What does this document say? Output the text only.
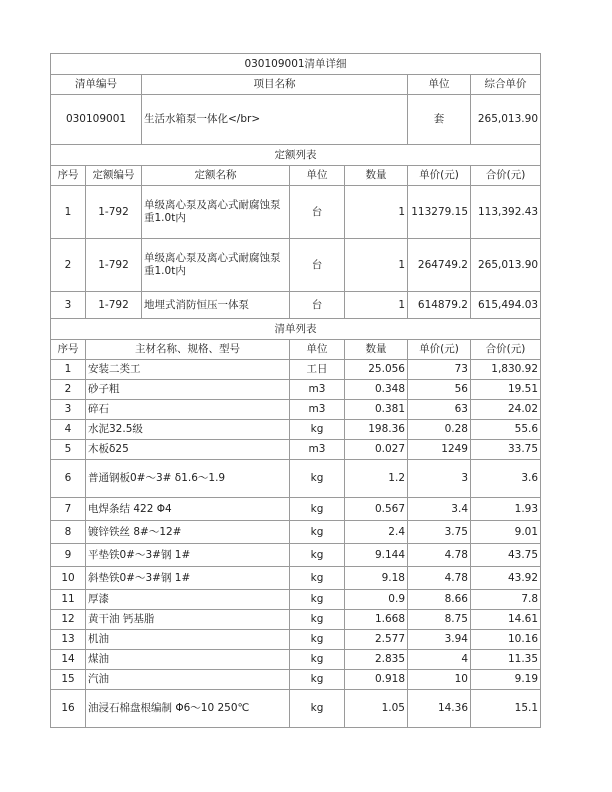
030109001清单详细			
清单编号	项目名称	单位	综合单价
030109001	生活水箱泵一体化</br>	套	265,013.90
定额列表						
序号	定额编号	定额名称	单位	数量	单价(元)	合价(元)
1	1-792	单级离心泵及离心式耐腐蚀泵重1.0t内	台	1	113279.15	113,392.43
2	1-792	单级离心泵及离心式耐腐蚀泵重1.0t内	台	1	264749.2	265,013.90
3	1-792	地埋式消防恒压一体泵	台	1	614879.2	615,494.03
清单列表					
序号	主材名称、规格、型号	单位	数量	单价(元)	合价(元)
1	安装二类工	工日	25.056	73	1,830.92
2	砂子粗	m3	0.348	56	19.51
3	碎石	m3	0.381	63	24.02
4	水泥32.5级	kg	198.36	0.28	55.6
5	木板δ25	m3	0.027	1249	33.75
6	普通钢板0#～3# δ1.6～1.9	kg	1.2	3	3.6
7	电焊条结 422 Φ4	kg	0.567	3.4	1.93
8	镀锌铁丝 8#～12#	kg	2.4	3.75	9.01
9	平垫铁0#～3#钢 1#	kg	9.144	4.78	43.75
10	斜垫铁0#～3#钢 1#	kg	9.18	4.78	43.92
11	厚漆	kg	0.9	8.66	7.8
12	黄干油 钙基脂	kg	1.668	8.75	14.61
13	机油	kg	2.577	3.94	10.16
14	煤油	kg	2.835	4	11.35
15	汽油	kg	0.918	10	9.19
16	油浸石棉盘根编制 Φ6～10 250℃	kg	1.05	14.36	15.1
